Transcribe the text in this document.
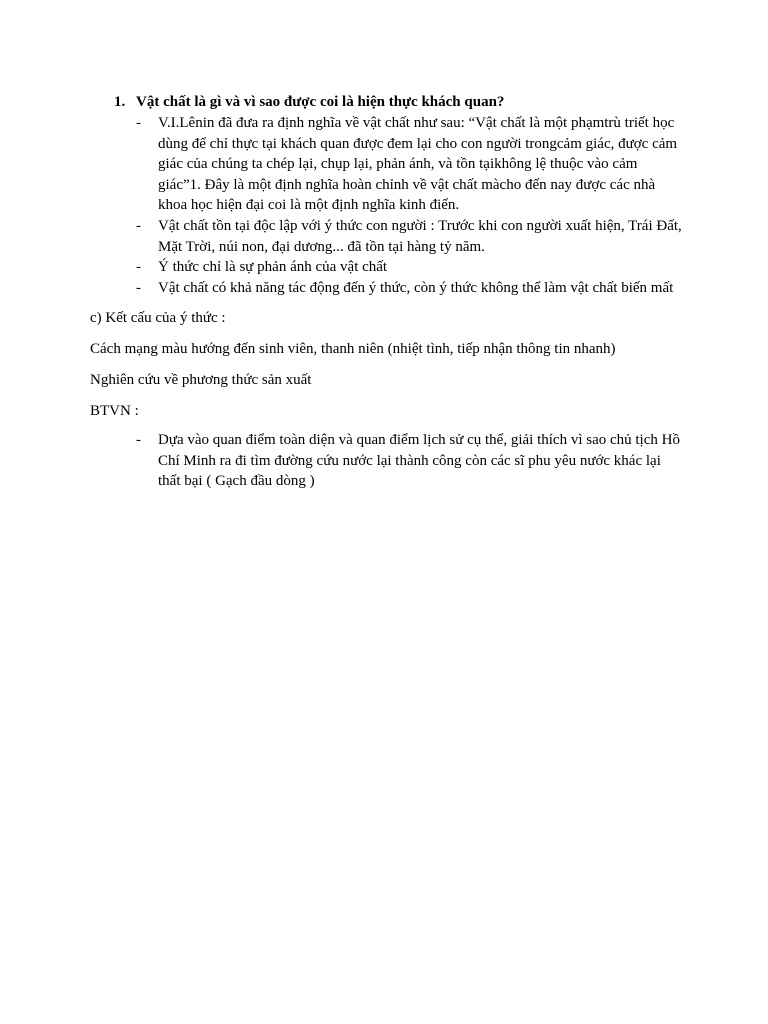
1. Vật chất là gì và vì sao được coi là hiện thực khách quan?
- V.I.Lênin đã đưa ra định nghĩa về vật chất như sau: “Vật chất là một phạmtrù triết học dùng để chỉ thực tại khách quan được đem lại cho con người trongcảm giác, được cảm giác của chúng ta chép lại, chụp lại, phản ánh, và tồn tạikhông lệ thuộc vào cảm giác”1. Đây là một định nghĩa hoàn chỉnh về vật chất màcho đến nay được các nhà khoa học hiện đại coi là một định nghĩa kinh điển.
- Vật chất tồn tại độc lập với ý thức con người : Trước khi con người xuất hiện, Trái Đất, Mặt Trời, núi non, đại dương... đã tồn tại hàng tỷ năm.
- Ý thức chỉ là sự phản ánh của vật chất
- Vật chất có khả năng tác động đến ý thức, còn ý thức không thể làm vật chất biến mất
c) Kết cấu của ý thức :
Cách mạng màu hướng đến sinh viên, thanh niên (nhiệt tình, tiếp nhận thông tin nhanh)
Nghiên cứu về phương thức sản xuất
BTVN :
- Dựa vào quan điểm toàn diện và quan điểm lịch sử cụ thể, giải thích vì sao chủ tịch Hồ Chí Minh ra đi tìm đường cứu nước lại thành công còn các sĩ phu yêu nước khác lại thất bại ( Gạch đầu dòng )
